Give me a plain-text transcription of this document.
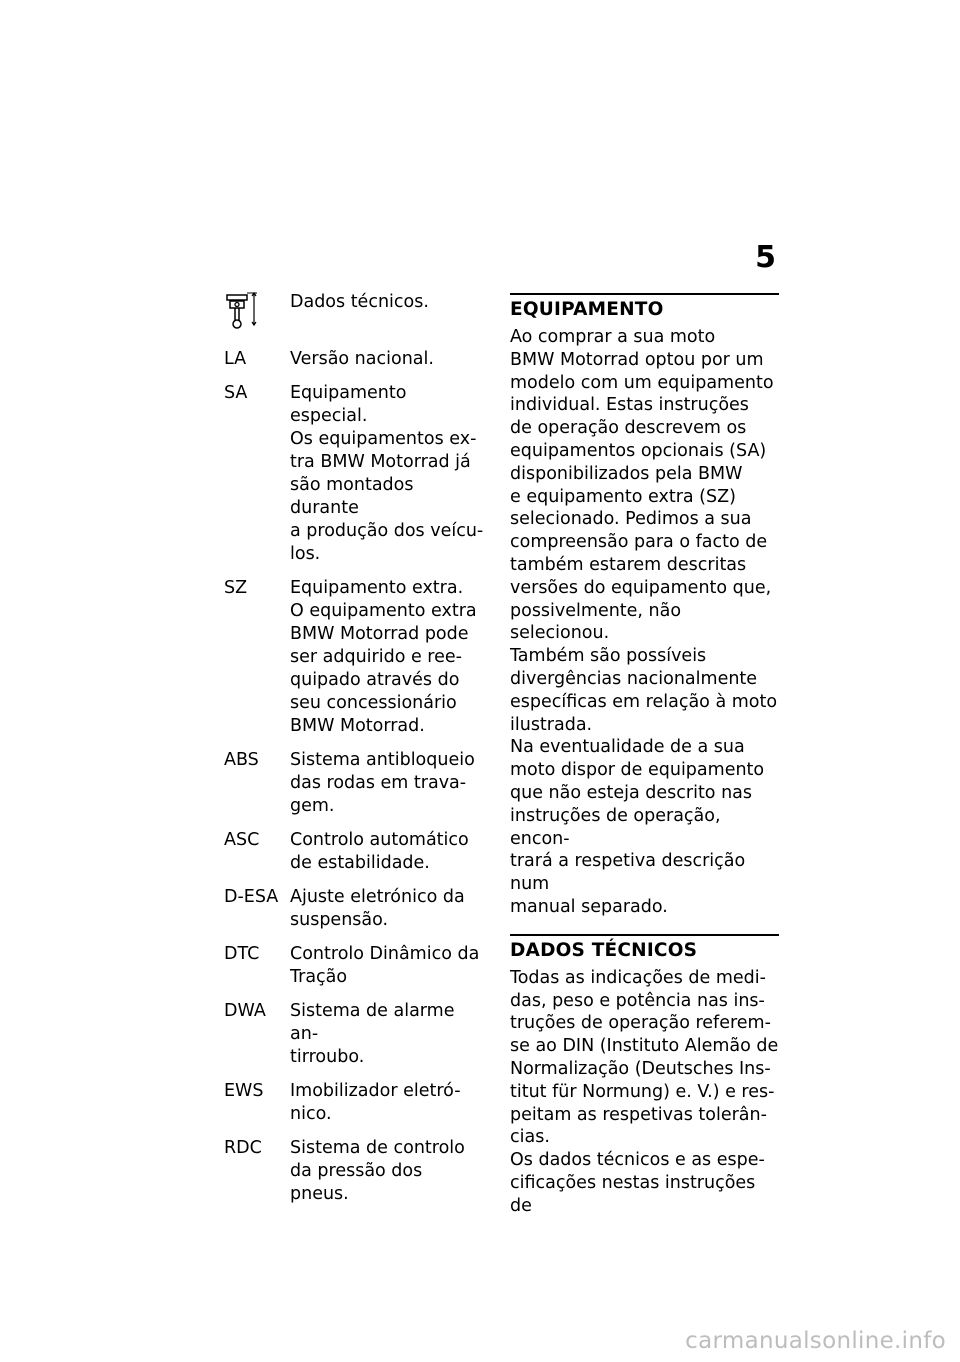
5
Dados técnicos.
LA	Versão nacional.
SA	Equipamento especial.
Os equipamentos ex-
tra BMW Motorrad já
são montados durante
a produção dos veícu-
los.
SZ	Equipamento extra.
O equipamento extra
BMW Motorrad pode
ser adquirido e ree-
quipado através do
seu concessionário
BMW Motorrad.
ABS	Sistema antibloqueio
das rodas em trava-
gem.
ASC	Controlo automático
de estabilidade.
D-ESA Ajuste eletrónico da
suspensão.
DTC	Controlo Dinâmico da
Tração
DWA	Sistema de alarme an-
tirroubo.
EWS	Imobilizador eletró-
nico.
RDC	Sistema de controlo
da pressão dos pneus.
EQUIPAMENTO
Ao comprar a sua moto
BMW Motorrad optou por um
modelo com um equipamento
individual. Estas instruções
de operação descrevem os
equipamentos opcionais (SA)
disponibilizados pela BMW
e equipamento extra (SZ)
selecionado. Pedimos a sua
compreensão para o facto de
também estarem descritas
versões do equipamento que,
possivelmente, não selecionou.
Também são possíveis
divergências nacionalmente
específicas em relação à moto
ilustrada.
Na eventualidade de a sua
moto dispor de equipamento
que não esteja descrito nas
instruções de operação, encon-
trará a respetiva descrição num
manual separado.
DADOS TÉCNICOS
Todas as indicações de medi-
das, peso e potência nas ins-
truções de operação referem-
se ao DIN (Instituto Alemão de
Normalização (Deutsches Ins-
titut für Normung) e. V.) e res-
peitam as respetivas tolerân-
cias.
Os dados técnicos e as espe-
cificações nestas instruções de
carmanualsonline.info
